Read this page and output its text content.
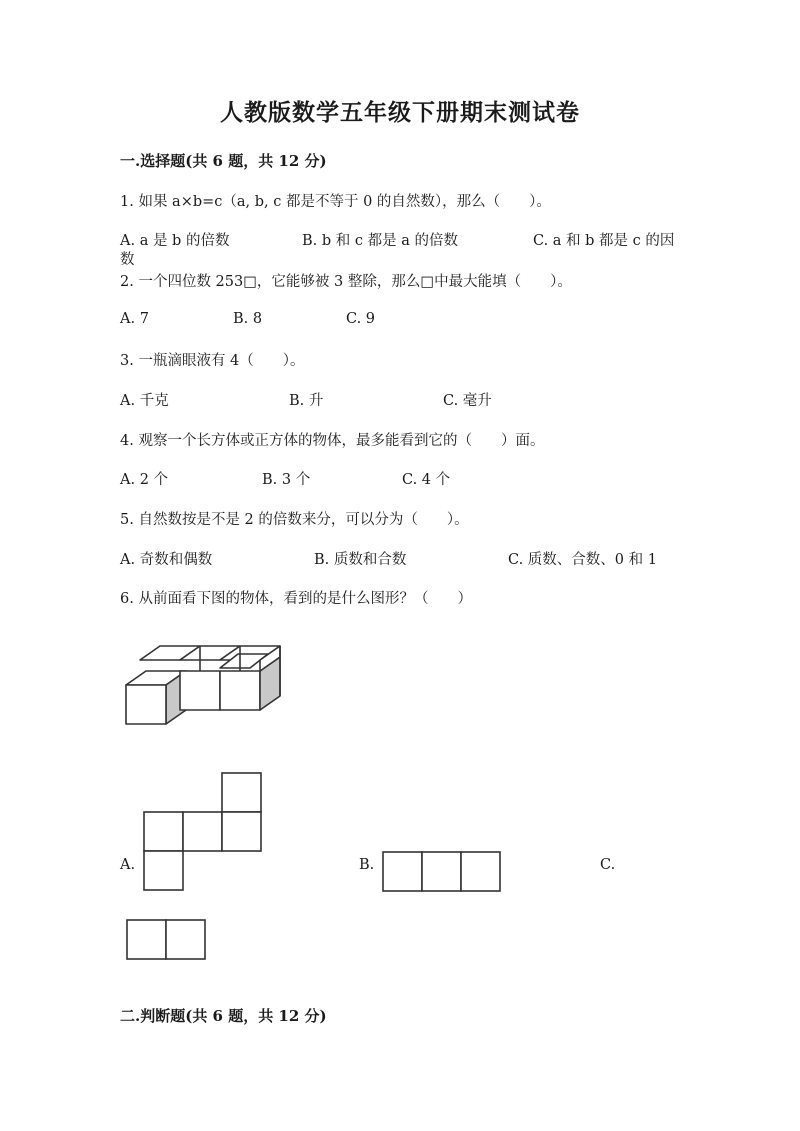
人教版数学五年级下册期末测试卷
一.选择题(共 6 题，共 12 分)
1. 如果 a×b=c（a, b, c 都是不等于 0 的自然数），那么（　　）。
A. a 是 b 的倍数	B. b 和 c 都是 a 的倍数	C. a 和 b 都是 c 的因
数
2. 一个四位数 253□，它能够被 3 整除，那么□中最大能填（　　）。
A. 7	B. 8	C. 9
3. 一瓶滴眼液有 4（　　）。
A. 千克	B. 升	C. 毫升
4. 观察一个长方体或正方体的物体，最多能看到它的（　　）面。
A. 2 个	B. 3 个	C. 4 个
5. 自然数按是不是 2 的倍数来分，可以分为（　　）。
A. 奇数和偶数	B. 质数和合数	C. 质数、合数、0 和 1
6. 从前面看下图的物体，看到的是什么图形？（　　）
A.	B.	C.
二.判断题(共 6 题，共 12 分)
